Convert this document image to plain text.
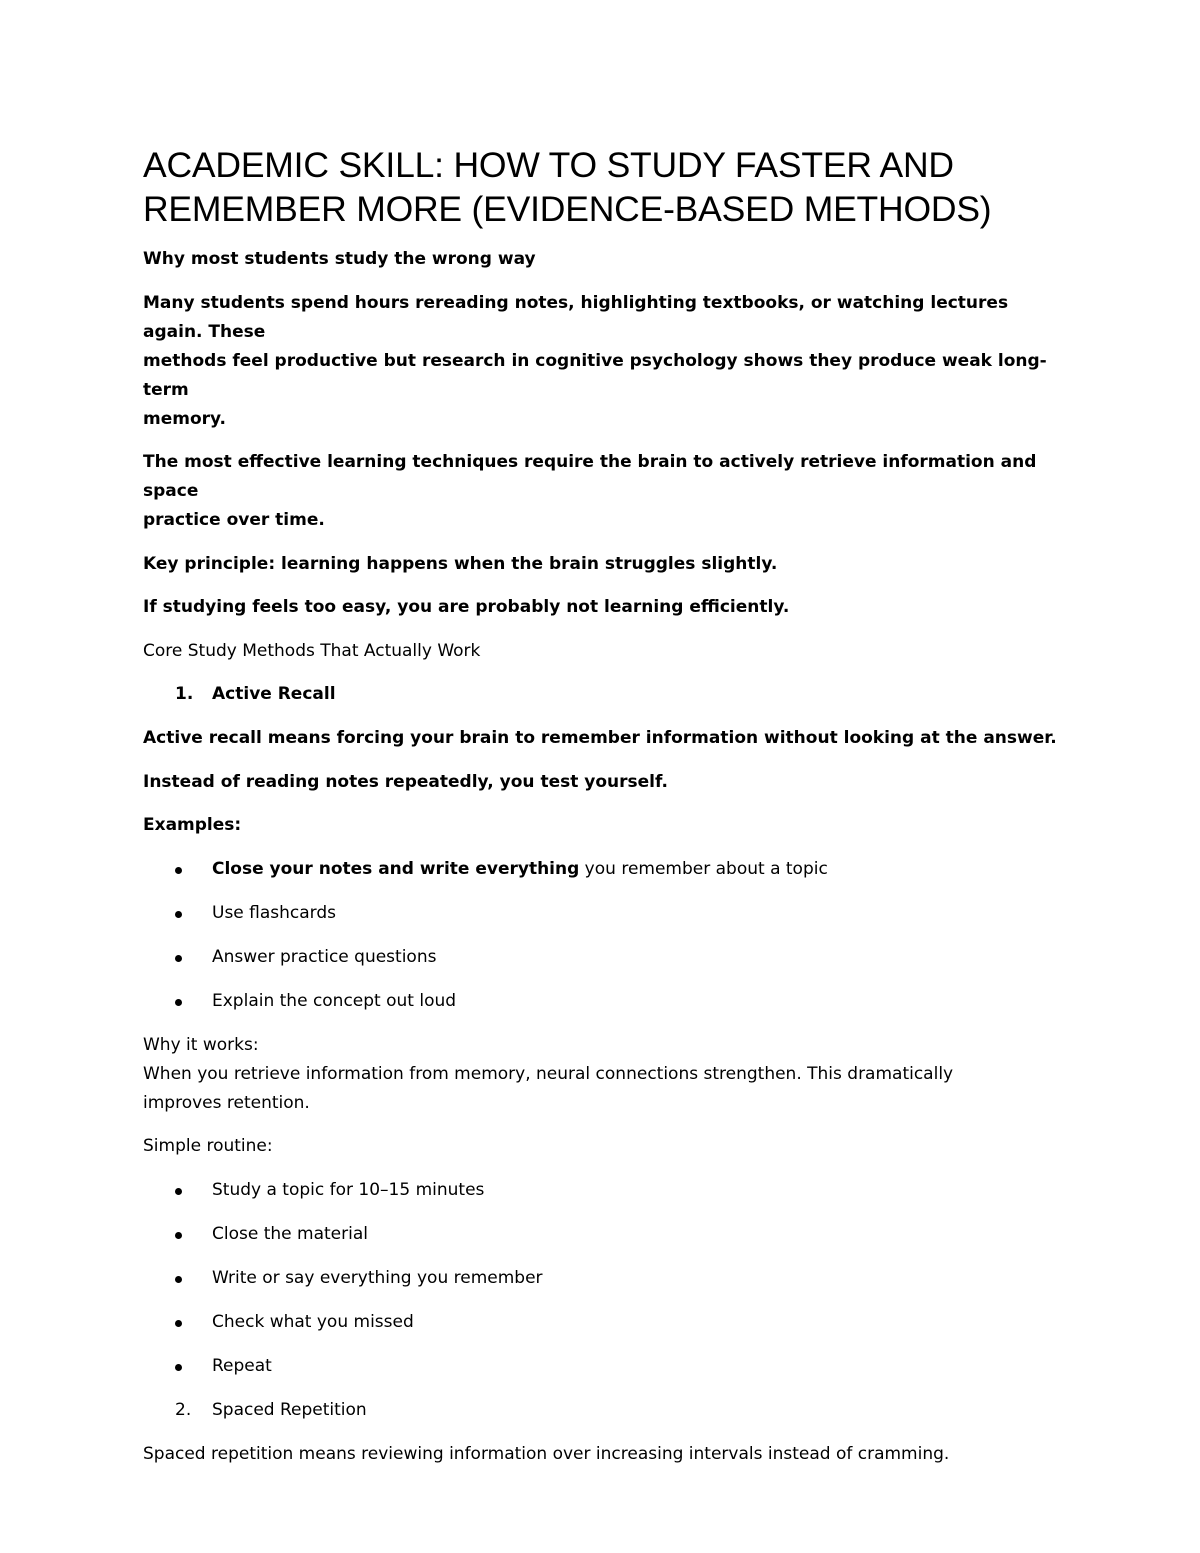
ACADEMIC SKILL: HOW TO STUDY FASTER AND
REMEMBER MORE (EVIDENCE-BASED METHODS)

Why most students study the wrong way

Many students spend hours rereading notes, highlighting textbooks, or watching lectures again. These
methods feel productive but research in cognitive psychology shows they produce weak long-term
memory.

The most effective learning techniques require the brain to actively retrieve information and space
practice over time.

Key principle: learning happens when the brain struggles slightly.

If studying feels too easy, you are probably not learning efficiently.

Core Study Methods That Actually Work

1. Active Recall

Active recall means forcing your brain to remember information without looking at the answer.

Instead of reading notes repeatedly, you test yourself.

Examples:

Close your notes and write everything you remember about a topic
Use flashcards
Answer practice questions
Explain the concept out loud

Why it works:
When you retrieve information from memory, neural connections strengthen. This dramatically
improves retention.

Simple routine:

Study a topic for 10–15 minutes
Close the material
Write or say everything you remember
Check what you missed
Repeat
2. Spaced Repetition

Spaced repetition means reviewing information over increasing intervals instead of cramming.
